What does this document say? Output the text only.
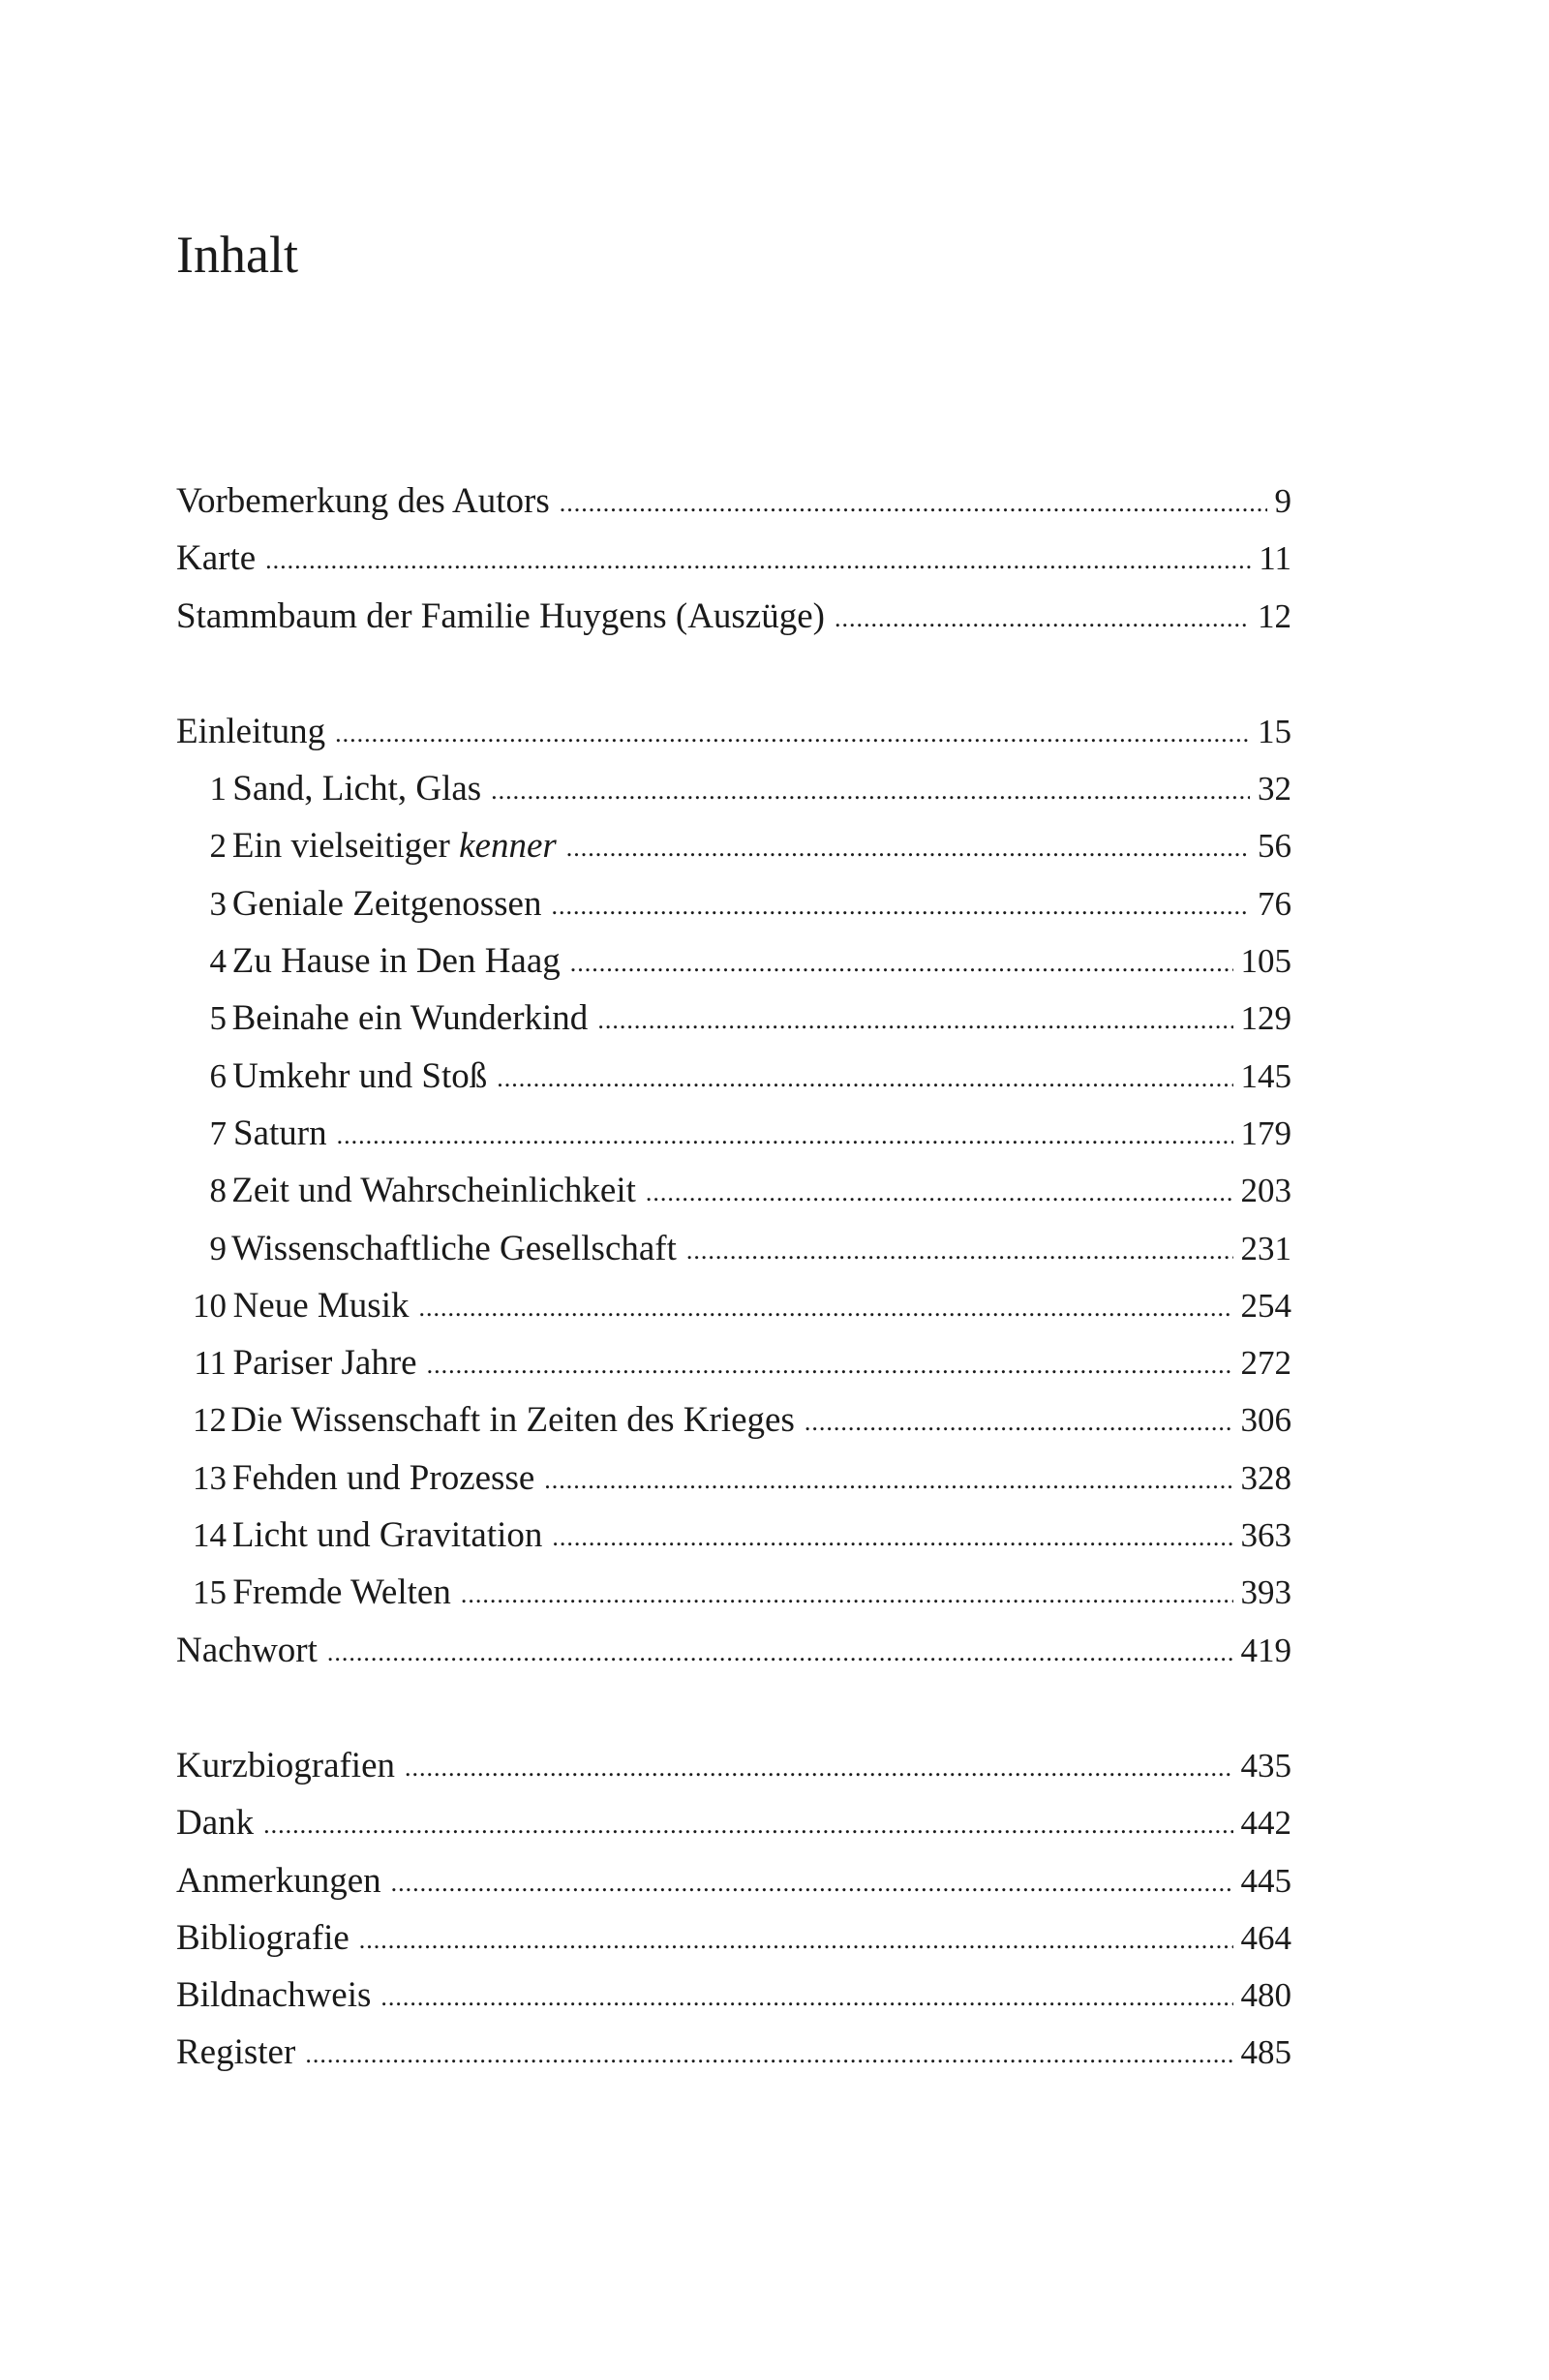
Inhalt
Vorbemerkung des Autors .....	9
Karte .....	11
Stammbaum der Familie Huygens (Auszüge) .....	12
Einleitung .....	15
1 Sand, Licht, Glas .....	32
2 Ein vielseitiger kenner .....	56
3 Geniale Zeitgenossen .....	76
4 Zu Hause in Den Haag .....	105
5 Beinahe ein Wunderkind .....	129
6 Umkehr und Stoß .....	145
7 Saturn .....	179
8 Zeit und Wahrscheinlichkeit .....	203
9 Wissenschaftliche Gesellschaft .....	231
10 Neue Musik .....	254
11 Pariser Jahre .....	272
12 Die Wissenschaft in Zeiten des Krieges .....	306
13 Fehden und Prozesse .....	328
14 Licht und Gravitation .....	363
15 Fremde Welten .....	393
Nachwort .....	419
Kurzbiografien .....	435
Dank .....	442
Anmerkungen .....	445
Bibliografie .....	464
Bildnachweis .....	480
Register .....	485
